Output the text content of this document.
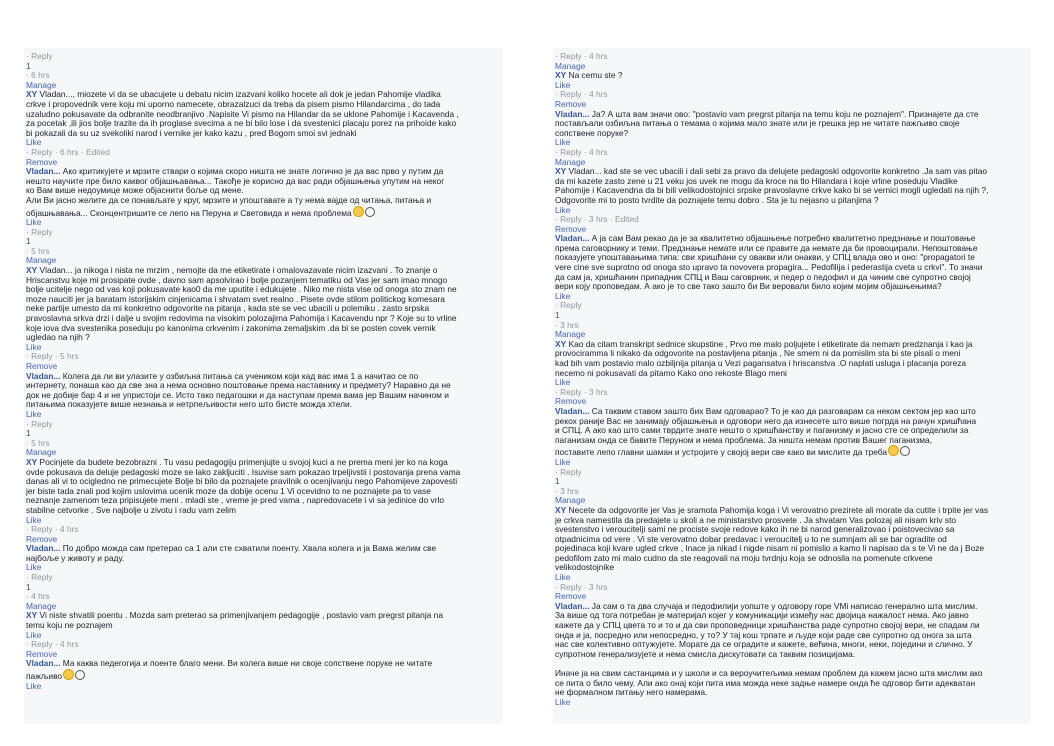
· Reply
1
· 6 hrs
Manage
XY Vladan..., miozete vi da se ubacujete u debatu nicim izazvani koliko hocete ali dok je jedan Pahomije vladika
crkve i propovednik vere koju mi uporno namecete, obrazalzuci da treba da pisem pismo Hilandarcima , do tada
uzaludno pokusavate da odbranite neodbranjivo .Napisite Vi pismo na Hilandar da se uklone Pahomije i Kacavenda ,
za pocetak ,ili jios bolje trazite da ih proglase svecima a ne bi bilo lose i da svestenici placaju porez na prihoide kako
bi pokazali da su uz svekoliki narod i vernike jer kako kazu , pred Bogom smoi svi jednaki
Like
· Reply · 6 hrs · Edited
Remove
Vladan... Ако критикујете и мрзите ствари о којима скоро ништа не знате логично је да вас прво у путим да
нешто научите пре било каквог објашњавања... Такође је корисно да вас ради објашњења упутим на неког
ко Вам више недоумице може објаснити боље од мене.
Али Ви јасно желите да се понављате у круг, мрзите и упоштавате а ту нема ваjде од читања, питања и
објашњавања... Сконцентришите се лепо на Перуна и Световида и нема проблема
Like
· Reply
1
· 5 hrs
Manage
XY Vladan... ja nikoga i nista ne mrzim , nemojte da me etiketirate i omalovazavate nicim izazvani . To znanje o
Hriscanstvu koje mi prosipate ovde , davno sam apsolvirao i bolje pozanjem tematiku od Vas jer sam imao mnogo
bolje ucitelje nego od vas koji pokusavate kao0 da me uputite i edukujete . Niko me nista vise od onoga sto znam ne
moze nauciti jer ja baratam istorijskim cinjenicama i shvatam svet realno . Pisete ovde stilom politickog komesara
neke partije umesto da mi konkretno odgovorite na pitanja , kada ste se vec ubacili u polemiku . zasto srpska
pravoslavna srkva drzi i dalje u svojim redovima na visokim polozajima Pahomija i Kacavendu npr ? Koje su to vrline
koje iova dva svestenika poseduju po kanonima crkvenim i zakonima zemaljskim .da bi se posten covek vernik
ugledao na njih ?
Like
· Reply · 5 hrs
Remove
Vladan... Колега да ли ви улазите у озбиљна питања са учеником који кад вас има 1 а начитао се по
интернету, понаша као да све зна а нема основно поштовање према наставнику и предмету? Наравно да не
док не добије бар 4 и не упристоји се. Исто тако педагошки и да наступам према вама јер Вашим начином и
питањима показујете више незнања и нетрпељивости него што бисте можда хтели.
Like
· Reply
1
· 5 hrs
Manage
XY Pocinjete da budete bezobrazni . Tu vasu pedagogiju primenjujte u svojoj kuci a ne prema meni jer ko na koga
ovde pokusava da deluje pedagoski moze se lako zakljuciti . Isuvise sam pokazao trpeljivstii i postovanja prena vama
danas ali vi to ocigledno ne primecujete Bolje bi bilo da poznajete pravilnik o ocenjivanju nego Pahomijeve zapovesti
jer biste tada znali pod kojim uslovima ucenik moze da dobije ocenu 1 Vi ocevidno to ne poznajete pa to vase
neznanje zamenom teza pripisujete meni . mladi ste , vreme je pred vama , napredovacete i vi sa jedinice do vrlo
stabilne cetvorke . Sve najbolje u zivotu i radu vam zelim
Like
· Reply · 4 hrs
Remove
Vladan... По добро можда сам претерао са 1 али сте схватили поенту. Хвала колега и ја Вама желим све
најбоље у животу и раду.
Like
· Reply
1
· 4 hrs
Manage
XY Vi niste shvatili poentu . Mozda sam preterao sa primenjivanjem pedagogije , postavio vam pregrst pitanja na
temu koju ne poznajem
Like
· Reply · 4 hrs
Remove
Vladan... Ма каква педегогија и поенте благо мени. Ви колега више ни своје сопствене поруке не читате
пажљиво
Like
· Reply · 4 hrs
Manage
XY Na cemu ste ?
Like
· Reply · 4 hrs
Remove
Vladan... Ја? А шта вам значи ово: "postavio vam pregrst pitanja na temu koju ne poznajem". Признајете да сте
постављали озбиљна питања о темама о којима мало знате или је грешка јер не читате пажљиво своје
сопствене поруке?
Like
· Reply · 4 hrs
Manage
XY Vladan... kad ste se vec ubacili i dali sebi za pravo da delujete pedagoski odgovorite konkretno .Ja sam vas pitao
da mi kazete zasto zene u 21 veku jos uvek ne mogu da kroce na tlo Hilandara i koje vrline poseduju Vladike
Pahomije i Kacavendna da bi bili velikodostojnici srpske pravoslavne crkve kako bi se vernici mogli ugledati na njih ?,
Odgovorite mi to posto tvrdite da poznajete temu dobro . Sta je tu nejasno u pitanjima ?
Like
· Reply · 3 hrs · Edited
Remove
Vladan... А ја сам Вам рекао да је за квалитетно објашњење потребно квалитетно предзнање и поштовање
према саговорнику и теми. Предзнање немате или се правите да немате да би провоцирали. Непоштовање
показујете упоштавањима типа: сви хришћани су овакви или онакви, у СПЦ влада ово и оно: "propagatori te
vere cine sve suprotno od onoga sto upravo ta novovera propagira... Pedofilija i pederastija cveta u crkvi". То значи
да сам ја, хришћанин припадник СПЦ и Ваш саговрник, и педер о педофил и да чиним све супротно својој
вери коју проповедам. А ако је то све тако зашто би Ви веровали било којим мојим објашњењима?
Like
· Reply
1
· 3 hrs
Manage
XY Kao da citam transkript sednice skupstine , Prvo me malo poljujete i etiketirate da nemam predznanja i kao ja
provociramma li nikako da odgovorite na postavljena pitanja , Ne smem ni da pomislim sta bi ste pisali o meni
kad bih vam postavio malo ozbiljnija pitanja u Vezi pagansatva i hriscanstva .O naplati usluga i placanja poreza
necemo ni pokusavati da pitamo Kako ono rekoste Blago meni
Like
· Reply · 3 hrs
Remove
Vladan... Са таквим ставом зашто бих Вам одговарао? То је као да разговарам са неком сектом јер као што
рекох раније Вас не занимају објашњења и одговори него да изнесете што више погрда на рачун хришћана
и СПЦ. А ако као што сами тврдите знате нешто о хришћанству и паганизму и јасно сте се определили за
паганизам онда се бавите Перуном и нема проблема. Ја ништа немам против Вашег паганизма,
поставите лепо главни шаман и устројите у својој вери све како ви мислите да треба
Like
· Reply
1
· 3 hrs
Manage
XY Necete da odgovorite jer Vas je sramota Pahomija koga i Vi verovatno prezirete ali morate da cutite i trpite jer vas
je crkva namestila da predajete u skoli a ne ministarstvo prosvete . Ja shvatam Vas polozaj ali nisam kriv sto
svestenstvo i veroucitelji sami ne prociste svoje redove kako ih ne bi narod generalizovao i poistovecivao sa
otpadnicima od vere . Vi ste verovatno dobar predavac i veroucitelj u to ne sumnjam ali se bar ogradite od
pojedinaca koji kvare ugled crkve , Inace ja nikad i nigde nisam ni pomislio a kamo li napisao da s te Vi ne da j Boze
pedofilom zato mi malo cudno da ste reagovali na moju tvrdnju koja se odnosila na pomenute crkvene
velikodostojnike
Like
· Reply · 3 hrs
Remove
Vladan... Ја сам о та два случаја и педофилији уопште у одговору горе VMi написао генерално шта мислим.
За више од тога потребан је материјал којег у комуникацији између нас двојица нажалост нема. Ако јавно
кажете да у СПЦ цвета то и то и да сви проповедници хришћанства раде супротно својој вери, не спадам ли
онда и ја, посредно или непосредно, у то? У тај кош трпате и људе који раде све супротно од онога за шта
нас све колективно оптужујете. Морате да се оградите и кажете, већина, многи, неки, поједини и слично. У
супротном генерализујете и нема смисла дискутовати са таквим позицијама.

Иначе ја на свим састанцима и у школи и са вероучитељима немам проблем да кажем јасно шта мислим ако
се пита о било чему. Али ако онај који пита има можда неке задње намере онда ће одговор бити адекватан
не формалном питању него намерама.
Like
